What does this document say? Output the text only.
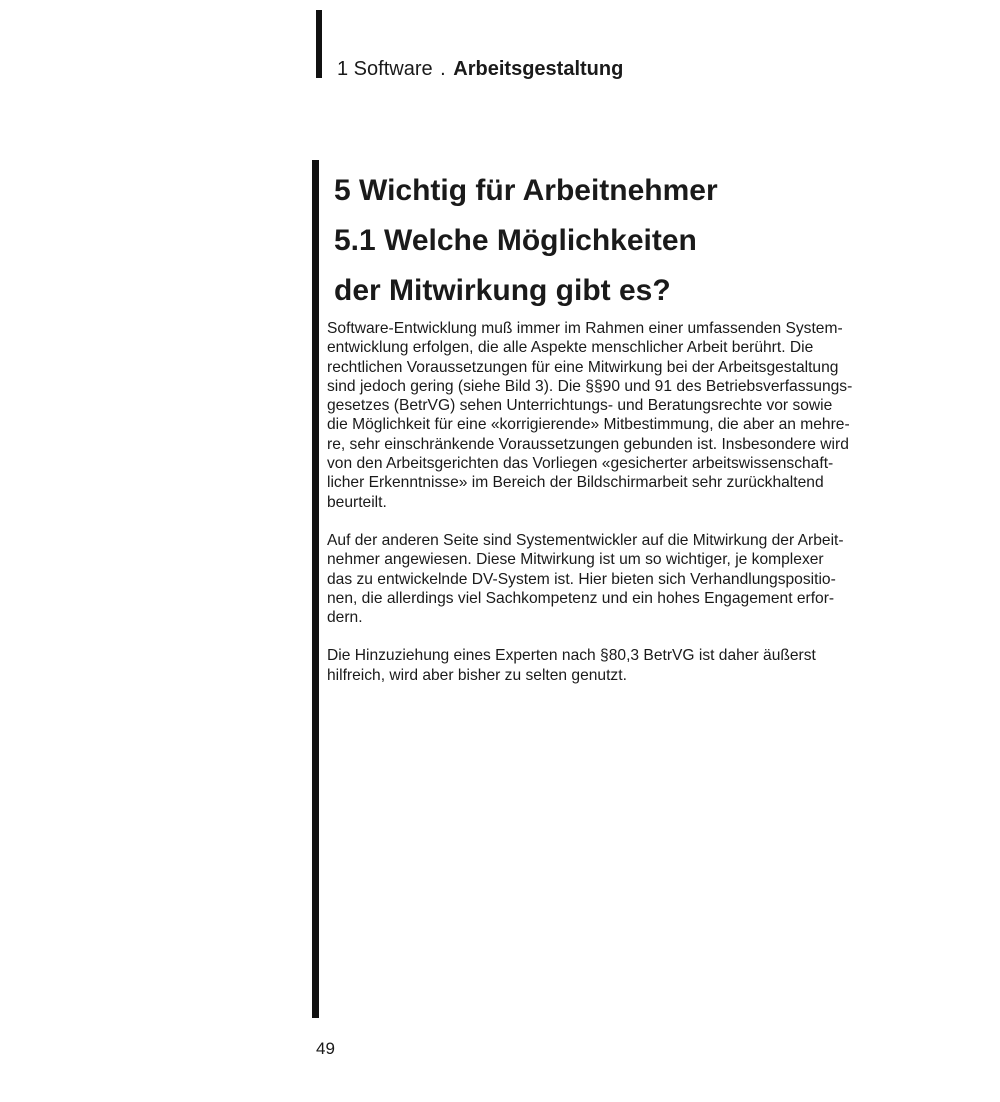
1 Software . Arbeitsgestaltung
5 Wichtig für Arbeitnehmer
5.1 Welche Möglichkeiten
der Mitwirkung gibt es?

Software-Entwicklung muß immer im Rahmen einer umfassenden System-
entwicklung erfolgen, die alle Aspekte menschlicher Arbeit berührt. Die
rechtlichen Voraussetzungen für eine Mitwirkung bei der Arbeitsgestaltung
sind jedoch gering (siehe Bild 3). Die §§90 und 91 des Betriebsverfassungs-
gesetzes (BetrVG) sehen Unterrichtungs- und Beratungsrechte vor sowie
die Möglichkeit für eine «korrigierende» Mitbestimmung, die aber an mehre-
re, sehr einschränkende Voraussetzungen gebunden ist. Insbesondere wird
von den Arbeitsgerichten das Vorliegen «gesicherter arbeitswissenschaft-
licher Erkenntnisse» im Bereich der Bildschirmarbeit sehr zurückhaltend
beurteilt.

Auf der anderen Seite sind Systementwickler auf die Mitwirkung der Arbeit-
nehmer angewiesen. Diese Mitwirkung ist um so wichtiger, je komplexer
das zu entwickelnde DV-System ist. Hier bieten sich Verhandlungspositio-
nen, die allerdings viel Sachkompetenz und ein hohes Engagement erfor-
dern.

Die Hinzuziehung eines Experten nach §80,3 BetrVG ist daher äußerst
hilfreich, wird aber bisher zu selten genutzt.

49
